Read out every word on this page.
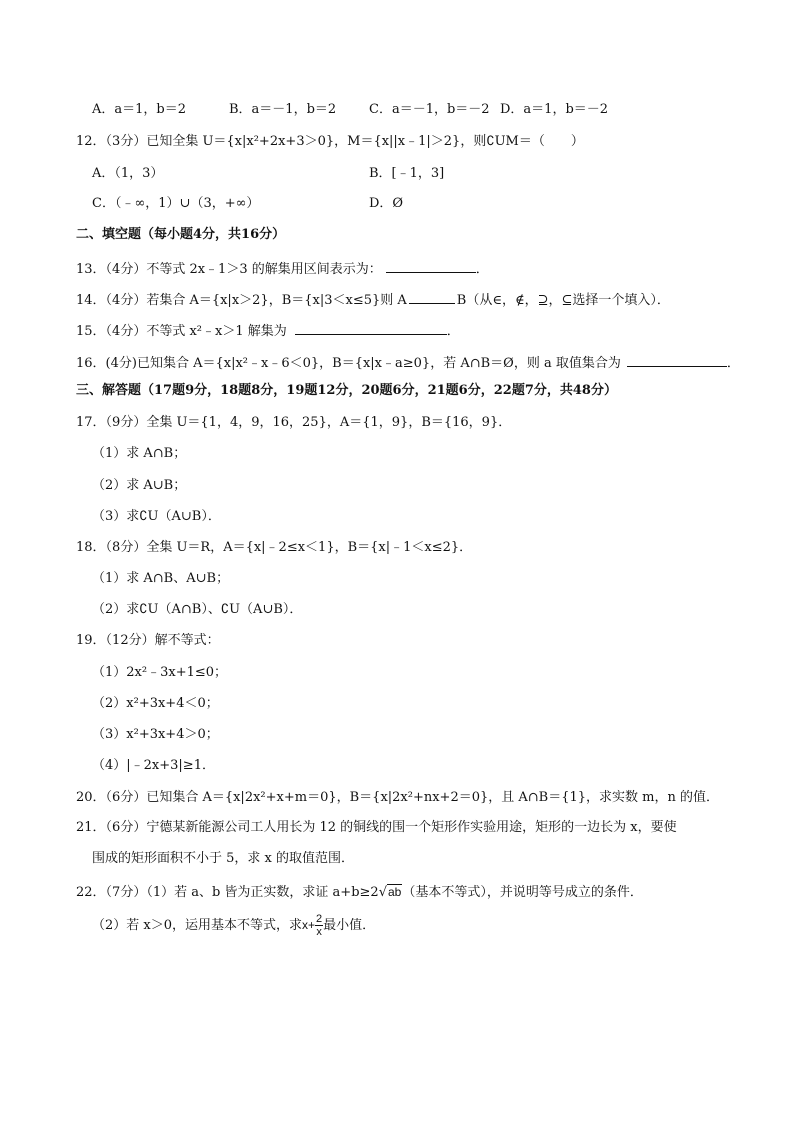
A．a＝1，b＝2	B．a＝－1，b＝2	C．a＝－1，b＝－2 D．a＝1，b＝－2
12．（3分）已知全集 U＝{x|x²+2x+3＞0}，M＝{x||x﹣1|＞2}，则∁UM＝（　　）
A．（1，3）	B．[﹣1，3]
C．（﹣∞，1）∪（3，+∞）	D．Ø
二、填空题（每小题4分，共16分）
13．（4分）不等式 2x﹣1＞3 的解集用区间表示为：	．
14．（4分）若集合 A＝{x|x＞2}，B＝{x|3＜x≤5}则 A	B（从∈，∉，⊇，⊆选择一个填入）．
15．（4分）不等式 x²﹣x＞1 解集为	．
16．(4分)已知集合 A＝{x|x²﹣x﹣6＜0}，B＝{x|x﹣a≥0}，若 A∩B＝Ø，则 a 取值集合为	．
三、解答题（17题9分，18题8分，19题12分，20题6分，21题6分，22题7分，共48分）
17．（9分）全集 U＝{1，4，9，16，25}，A＝{1，9}，B＝{16，9}．
（1）求 A∩B；
（2）求 A∪B；
（3）求∁U（A∪B）．
18．（8分）全集 U＝R，A＝{x|﹣2≤x＜1}，B＝{x|﹣1＜x≤2}．
（1）求 A∩B、A∪B；
（2）求∁U（A∩B）、∁U（A∪B）．
19．（12分）解不等式：
（1）2x²﹣3x+1≤0；
（2）x²+3x+4＜0；
（3）x²+3x+4＞0；
（4）|﹣2x+3|≥1．
20．（6分）已知集合 A＝{x|2x²+x+m＝0}，B＝{x|2x²+nx+2＝0}，且 A∩B＝{1}，求实数 m，n 的值．
21．（6分）宁德某新能源公司工人用长为 12 的铜线的围一个矩形作实验用途，矩形的一边长为 x，要使
围成的矩形面积不小于 5，求 x 的取值范围．
22．（7分）（1）若 a、b 皆为正实数，求证 a+b≥2√ab（基本不等式），并说明等号成立的条件．
（2）若 x＞0，运用基本不等式，求$x+ \frac{2}{x}$ 最小值．
